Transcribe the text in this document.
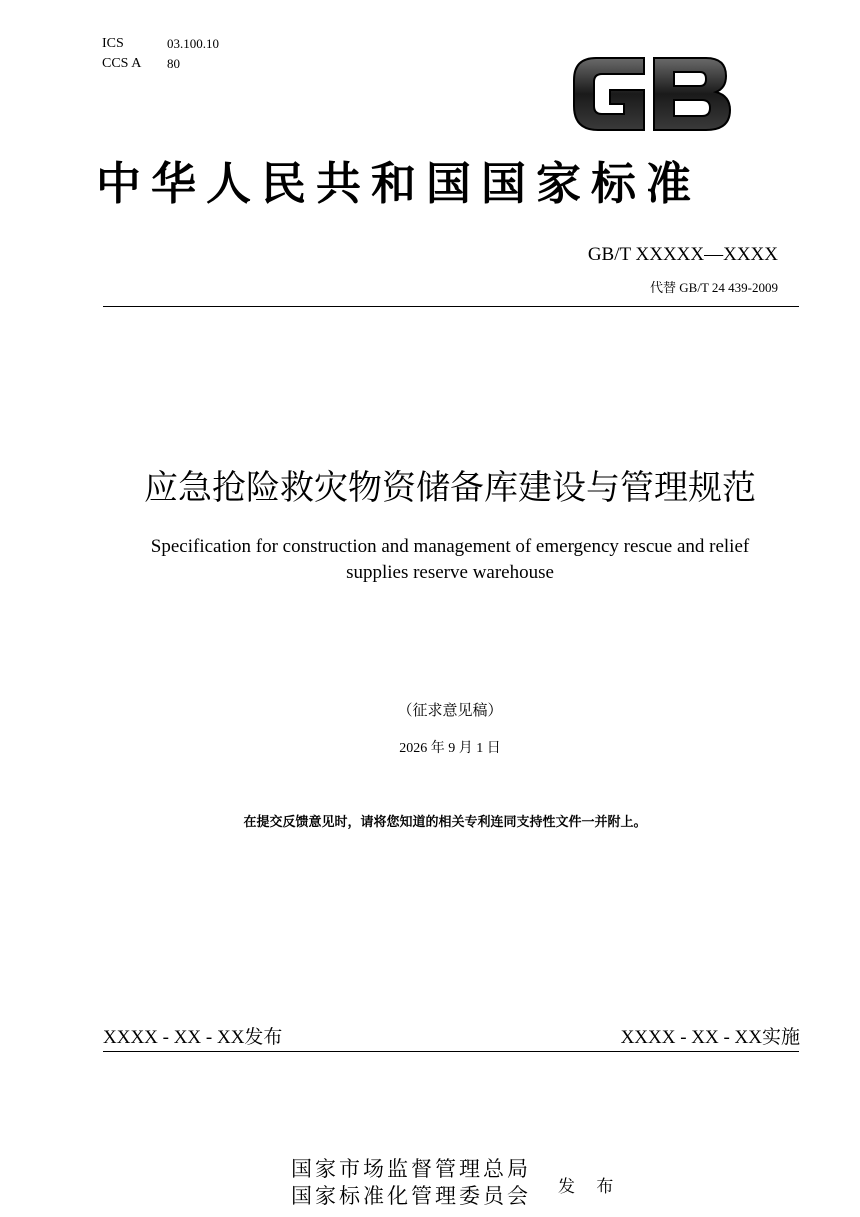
ICS	03.100.10
CCS A 80
中华人民共和国国家标准
GB/T XXXXX—XXXX
代替 GB/T 24 439-2009
应急抢险救灾物资储备库建设与管理规范
Specification for construction and management of emergency rescue and relief
supplies reserve warehouse
（征求意见稿）
2026 年 9 月 1 日
在提交反馈意见时，请将您知道的相关专利连同支持性文件一并附上。
XXXX - XX - XX发布	XXXX - XX - XX实施
国家市场监督管理总局
国家标准化管理委员会 发 布
